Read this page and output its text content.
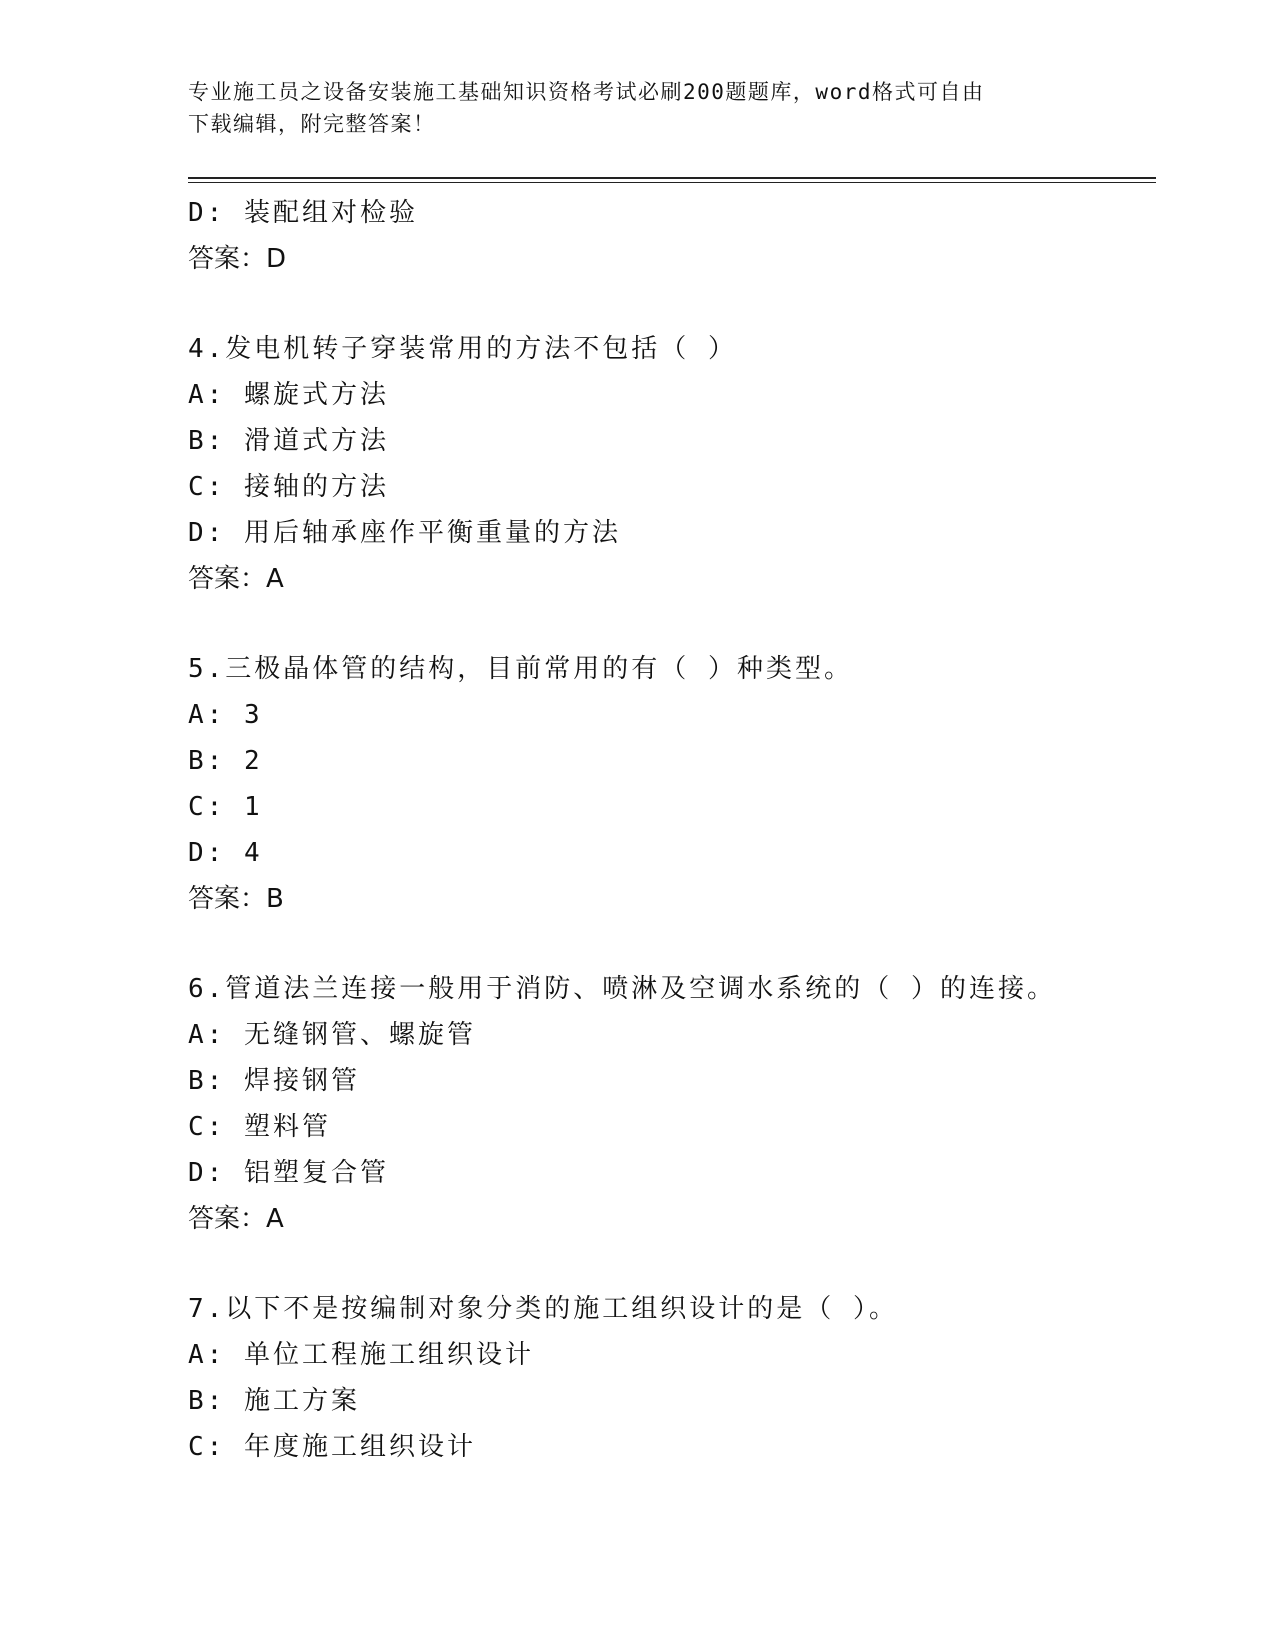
专业施工员之设备安装施工基础知识资格考试必刷200题题库，word格式可自由
下载编辑，附完整答案！
D: 装配组对检验
答案：D
4.发电机转子穿装常用的方法不包括（ ）
A: 螺旋式方法
B: 滑道式方法
C: 接轴的方法
D: 用后轴承座作平衡重量的方法
答案：A
5.三极晶体管的结构，目前常用的有（ ）种类型。
A: 3
B: 2
C: 1
D: 4
答案：B
6.管道法兰连接一般用于消防、喷淋及空调水系统的（ ）的连接。
A: 无缝钢管、螺旋管
B: 焊接钢管
C: 塑料管
D: 铝塑复合管
答案：A
7.以下不是按编制对象分类的施工组织设计的是（ ）。
A: 单位工程施工组织设计
B: 施工方案
C: 年度施工组织设计
